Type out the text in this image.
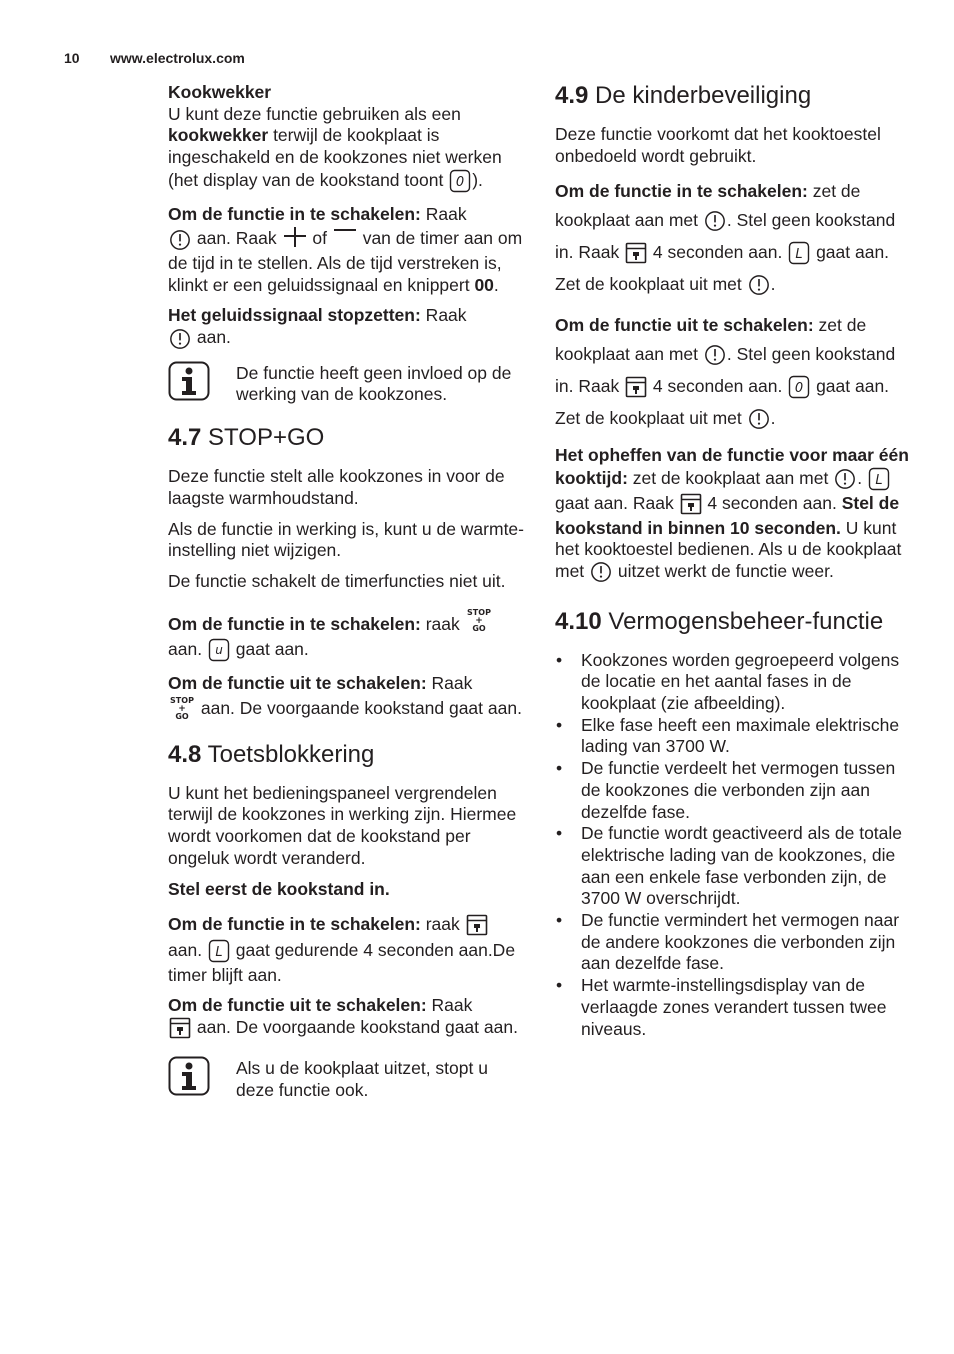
10 www.electrolux.com

Kookwekker
U kunt deze functie gebruiken als een kookwekker terwijl de kookplaat is ingeschakeld en de kookzones niet werken (het display van de kookstand toont 0 ).

Om de functie in te schakelen: Raak
aan. Raak  of  van de timer aan om de tijd in te stellen. Als de tijd verstreken is, klinkt er een geluidssignaal en knippert 00.

Het geluidssignaal stopzetten: Raak
aan.

De functie heeft geen invloed op de werking van de kookzones.
4.7 STOP+GO

Deze functie stelt alle kookzones in voor de laagste warmhoudstand.

Als de functie in werking is, kunt u de warmte-instelling niet wijzigen.

De functie schakelt de timerfuncties niet uit.

Om de functie in te schakelen: raak
STOP
+
GO

aan. u gaat aan.

Om de functie uit te schakelen: Raak

STOP
+
GO aan. De voorgaande kookstand gaat aan.

4.8 Toetsblokkering

U kunt het bedieningspaneel vergrendelen terwijl de kookzones in werking zijn. Hiermee wordt voorkomen dat de kookstand per ongeluk wordt veranderd.

Stel eerst de kookstand in.

Om de functie in te schakelen: raak
aan. L gaat gedurende 4 seconden aan.De timer blijft aan.

Om de functie uit te schakelen: Raak
aan. De voorgaande kookstand gaat aan.

Als u de kookplaat uitzet, stopt u deze functie ook.
4.9 De kinderbeveiliging

Deze functie voorkomt dat het kooktoestel onbedoeld wordt gebruikt.

Om de functie in te schakelen: zet de kookplaat aan met . Stel geen kookstand in. Raak  4 seconden aan. L gaat aan. Zet de kookplaat uit met .

Om de functie uit te schakelen: zet de kookplaat aan met . Stel geen kookstand in. Raak  4 seconden aan. 0 gaat aan. Zet de kookplaat uit met .

Het opheffen van de functie voor maar één kooktijd: zet de kookplaat aan met . L
gaat aan. Raak  4 seconden aan. Stel de kookstand in binnen 10 seconden. U kunt het kooktoestel bedienen. Als u de kookplaat met  uitzet werkt de functie weer.

4.10 Vermogensbeheer-functie
• Kookzones worden gegroepeerd volgens de locatie en het aantal fases in de kookplaat (zie afbeelding).
• Elke fase heeft een maximale elektrische lading van 3700 W.
• De functie verdeelt het vermogen tussen de kookzones die verbonden zijn aan dezelfde fase.
• De functie wordt geactiveerd als de totale elektrische lading van de kookzones, die aan een enkele fase verbonden zijn, de 3700 W overschrijdt.
• De functie vermindert het vermogen naar de andere kookzones die verbonden zijn aan dezelfde fase.
• Het warmte-instellingsdisplay van de verlaagde zones verandert tussen twee niveaus.
